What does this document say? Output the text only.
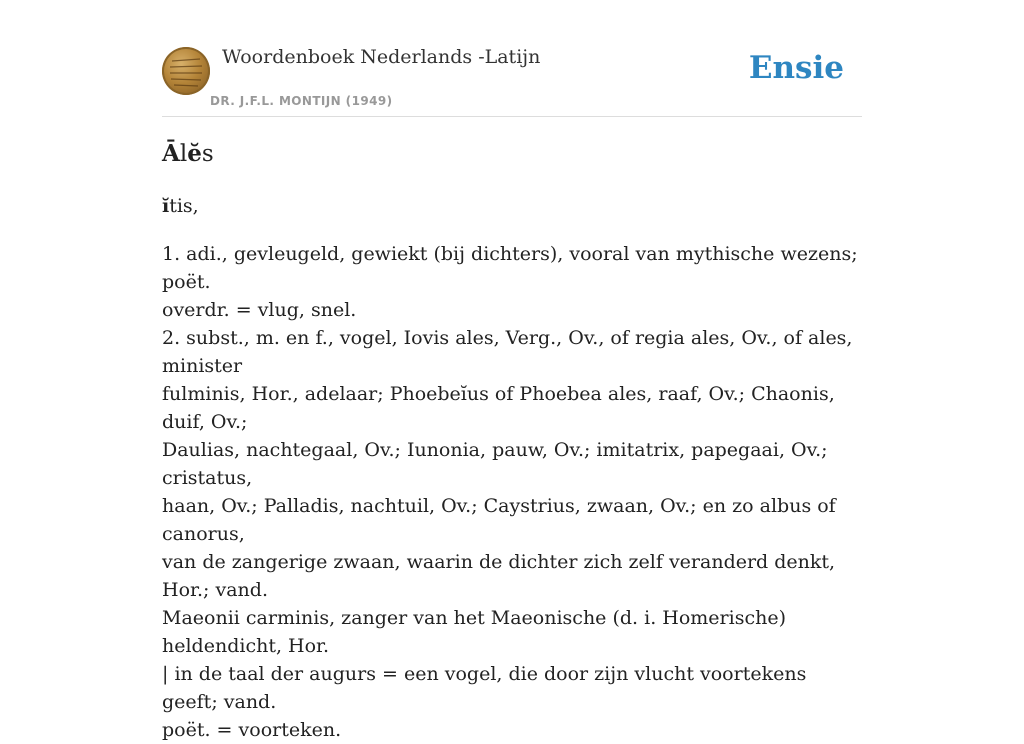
Woordenboek Nederlands -Latijn
DR. J.F.L. MONTIJN (1949)
Ensie
Ālĕs
ĭtis,

1. adi., gevleugeld, gewiekt (bij dichters), vooral van mythische wezens; poët.

overdr. = vlug, snel.

2. subst., m. en f., vogel, Iovis ales, Verg., Ov., of regia ales, Ov., of ales, minister

fulminis, Hor., adelaar; Phoebeĭus of Phoebea ales, raaf, Ov.; Chaonis, duif, Ov.;

Daulias, nachtegaal, Ov.; Iunonia, pauw, Ov.; imitatrix, papegaai, Ov.; cristatus,

haan, Ov.; Palladis, nachtuil, Ov.; Caystrius, zwaan, Ov.; en zo albus of canorus,

van de zangerige zwaan, waarin de dichter zich zelf veranderd denkt, Hor.; vand.

Maeonii carminis, zanger van het Maeonische (d. i. Homerische) heldendicht, Hor.

| in de taal der augurs = een vogel, die door zijn vlucht voortekens geeft; vand.

poët. = voorteken.
